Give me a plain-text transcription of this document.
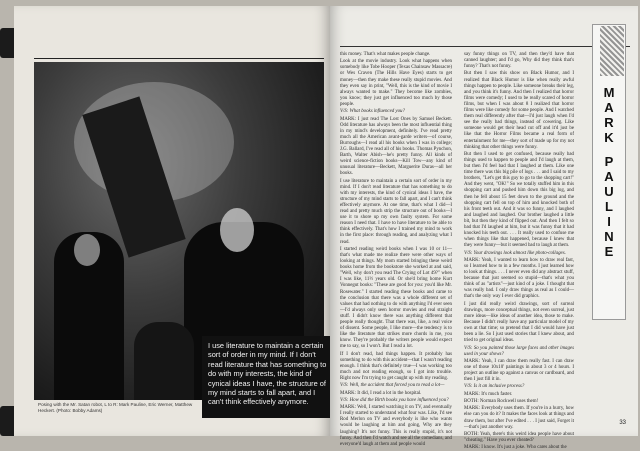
I use literature to maintain a certain sort of order in my mind. If I don't read literature that has something to do with my interests, the kind of cynical ideas I have, the structure of my mind starts to fall apart, and I can't think effectively anymore.
Posing with the Mr. Satan robot, L to R: Mark Pauline, Eric Werner, Matthew Heckert. (Photo: Bobby Adams)

this money. That's what makes people change.

Look at the movie industry. Look what happens when somebody like Tobe Hooper (Texas Chainsaw Massacre) or Wes Craven (The Hills Have Eyes) starts to get money—then they make these really stupid movies. And they even say in print, "Well, this is the kind of movie I always wanted to make." They become like zombies, you know; they just get influenced too much by those people.

V/S: What books influenced you?

MARK: I just read The Lost Ones by Samuel Beckett. Odd literature has always been the most influential thing in my mind's development, definitely. I've read pretty much all the American avant-garde writers—of course, Burroughs—I read all his books when I was in college; J.G. Ballard, I've read all of his books. Thomas Pynchon, Barth, Walter Abish—he's pretty funny. All kinds of weird science-fiction books—Kill Tow—any kind of unusual literature—Beckett, Marguerite Duras—all her books.

I use literature to maintain a certain sort of order in my mind. If I don't read literature that has something to do with my interests, the kind of cynical ideas I have, the structure of my mind starts to fall apart, and I can't think effectively anymore. At one time, that's what I did—I read and pretty much strip the structure out of books—I use it to shore up my own faulty system. For some reason I need that. I have to have literature to be able to think effectively. That's how I trained my mind to work in the first place: through reading, and analyzing what I read.

I started reading weird books when I was 10 or 11—that's what made me realize there were other ways of looking at things. My mom started bringing these weird books home from the bookstore she worked at and said, "Well, why don't you read The Crying of Lot 49?" when I was like, 11½ years old. Or she'd bring home Kurt Vonnegut books: "These are good for you: you'd like Mr. Rosewater." I started reading these books and came to the conclusion that there was a whole different set of values that had nothing to do with anything I'd ever seen—I'd always only seen horror movies and real straight stuff. I didn't know there was anything different that people really thought. That there was, like, a real voice of dissent. Some people, I like more—the tendency is to like the literature that strikes more chords in me, you know. They're probably the writers people would expect me to say, so I won't. But I read a lot.

If I don't read, bad things happen. It probably has something to do with this accident—that I wasn't reading enough. I think that's definitely true—I was working too much and not reading enough, so I got into trouble. Right now I'm trying to get caught up with my reading.

V/S: Well, the accident that forced you to read a lot—

MARK: It did, I read a lot in the hospital.

V/S: How did the Birth books you have influenced you?

MARK: Well, I started watching it on TV, and eventually I really started to understand what four was. Like, I'd see Rod Merlon on TV and everybody is like who wants would be laughing at him and going, Why are they laughing? It's not funny. This is really stupid, it's not funny. And then I'd watch and see all the comedians, and everyone'd laugh at them and people would

say funny things on TV, and then they'd have that canned laughter; and I'd go, Why did they think that's funny? That's not funny.

But then I saw this show on Black Humor, and I realized that Black Humor is like when really awful things happen to people. Like someone breaks their leg, and you think it's funny. And then I realized that horror films were comedy; I used to be really scared of horror films, but when I was about 8 I realized that horror films were like comedy for some people. And I watched them real differently after that—I'd just laugh when I'd see the really bad things, instead of cowering. Like someone would get their head cut off and it'd just be like that the Horror Films became a real form of entertainment for me—they sort of made up for my not thinking that other things were funny.

But then I used to get confused, because really bad things used to happen to people and I'd laugh at them, but then I'd feel bad that I laughed at them. Like one time there was this big pile of logs . . . and I said to my brothers, "Let's get this guy to go to the shopping cart!" And they went, "OK!" So we totally stuffed him in this shopping cart and pushed him down this big log, and then he fell about 15 feet down to the ground and the shopping cart fell on top of him and knocked both of his front teeth out. And it was so funny, and I laughed and laughed and laughed. Our brother laughed a little bit, but then they kind of flipped out. And then I felt so bad that I'd laughed at him, but it was funny that it had knocked his teeth out. . . . It really used to confuse me when things like that happened, because I knew that they were funny—but it seemed bad to laugh at them.

V/S: Your drawings look almost like photo-collages.

MARK: Yeah, I wanted to learn how to draw real fast, so I learned how to in a few months. I just learned how to look at things. . . . I never even did any abstract stuff, because that just seemed so stupid—that's what you think of as "artists"—just kind of a joke. I thought that was really bad. I only draw things as real as I could—that's the only way I ever did graphics.

I just did really weird drawings, sort of surreal drawings, more conceptual things, not even surreal, just more ideas—like ideas of another idea, those to make. Because I didn't really have any particular model of my own at that time; so pretend that I did would have just been a lie. So I just used stories that I knew about, and tried to get original ideas.

V/S: So you painted those large faces and other images used in your shows?

MARK: Yeah, I can draw them really fast. I can draw one of those 10x10' paintings in about 3 or 4 hours. I project an outline up against a canvas or cardboard, and then I just fill it in.

V/S: Is it an inclusive process?

MARK: It's much faster.

BOTH: Norman Rockwell uses them!

MARK: Everybody uses them. If you're in a hurry, how else can you do it? It makes the faces look at things and draw them, but after I've edited . . . I just said, Forget it—that's just another way.

BOTH: Yeah, there's this weird idea people have about "cheating." Have you ever cheated?

MARK: I know. It's just a joke. Who cares about the

M
A
R
K
P
A
U
L
I
N
E
33
